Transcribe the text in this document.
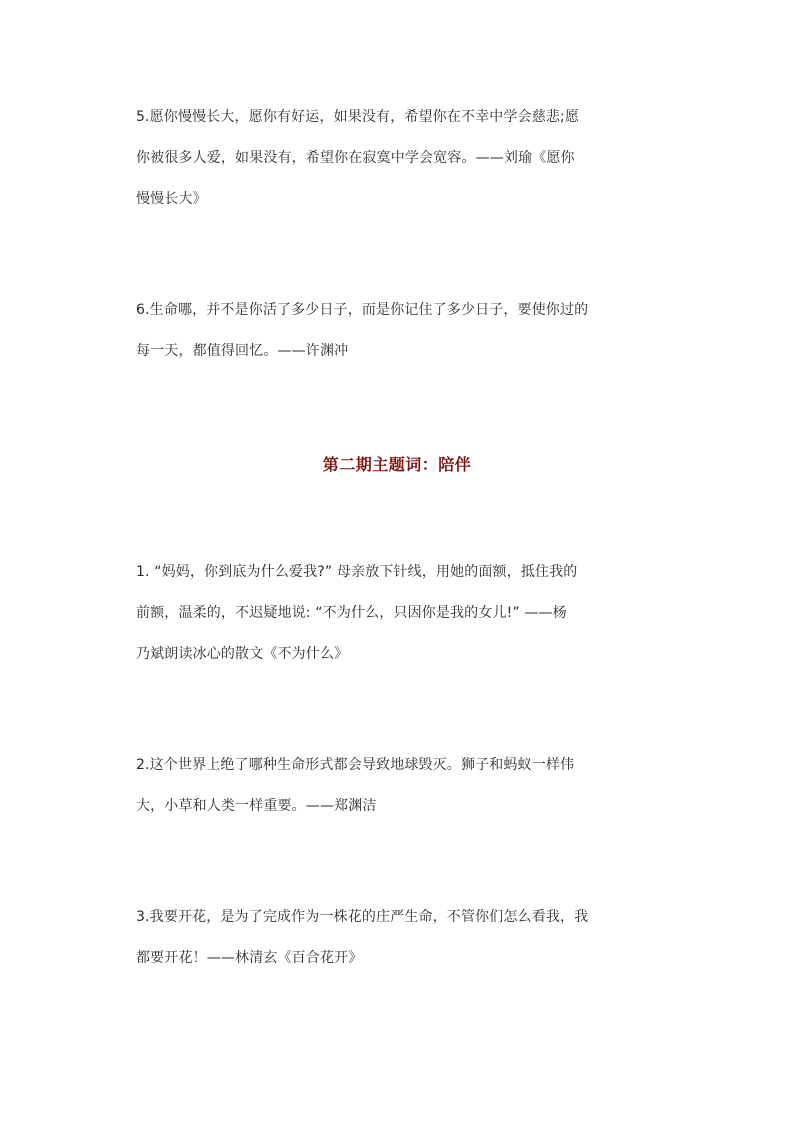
5.愿你慢慢长大，愿你有好运，如果没有，希望你在不幸中学会慈悲;愿
你被很多人爱，如果没有，希望你在寂寞中学会宽容。——刘瑜《愿你
慢慢长大》
6.生命哪，并不是你活了多少日子，而是你记住了多少日子，要使你过的
每一天，都值得回忆。——许渊冲
第二期主题词：陪伴
1. “妈妈，你到底为什么爱我?” 母亲放下针线，用她的面额，抵住我的
前额，温柔的，不迟疑地说: “不为什么，只因你是我的女儿!” ——杨
乃斌朗读冰心的散文《不为什么》
2.这个世界上绝了哪种生命形式都会导致地球毁灭。狮子和蚂蚁一样伟
大，小草和人类一样重要。——郑渊洁
3.我要开花，是为了完成作为一株花的庄严生命，不管你们怎么看我，我
都要开花！——林清玄《百合花开》
